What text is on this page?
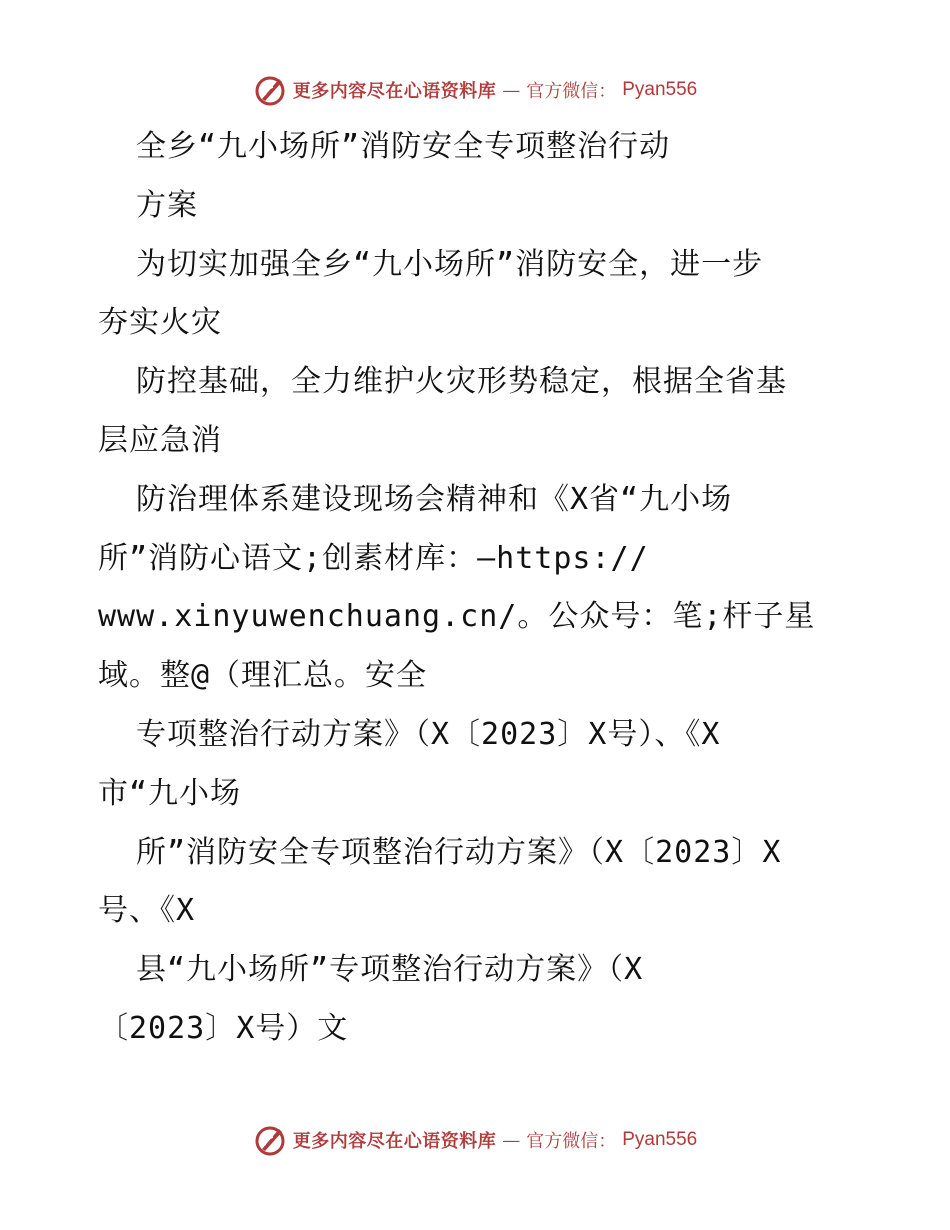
更多内容尽在心语资料库 — 官方微信： Pyan556
全乡“九小场所”消防安全专项整治行动
方案
为切实加强全乡“九小场所”消防安全，进一步
夯实火灾
防控基础，全力维护火灾形势稳定，根据全省基
层应急消
防治理体系建设现场会精神和《X省“九小场
所”消防心语文;创素材库：—https://
www.xinyuwenchuang.cn/。公众号：笔;杆子星
域。整@（理汇总。安全
专项整治行动方案》（X〔2023〕X号）、《X
市“九小场
所”消防安全专项整治行动方案》（X〔2023〕X
号、《X
县“九小场所”专项整治行动方案》（X
〔2023〕X号）文
更多内容尽在心语资料库 — 官方微信： Pyan556
